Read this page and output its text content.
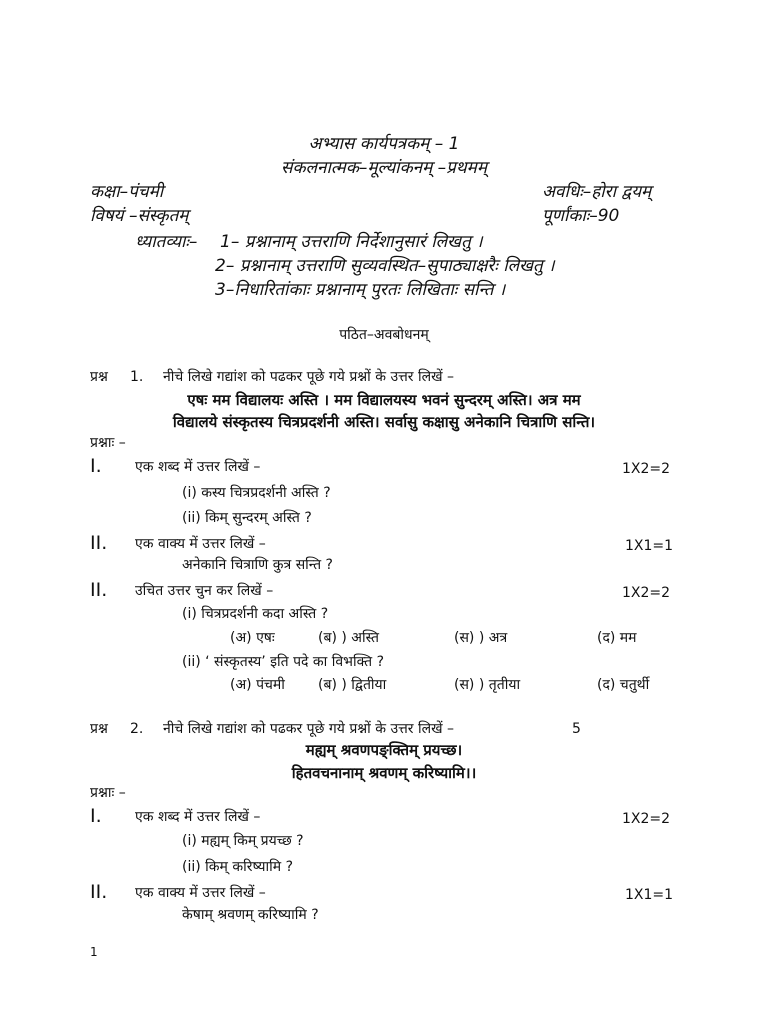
अभ्यास कार्यपत्रकम् – 1
संकलनात्मक–मूल्यांकनम् –प्रथमम्
कक्षा–पंचमी	अवधिः–होरा द्वयम्
विषयं –संस्कृतम्	पूर्णांकाः–90
ध्यातव्याः– 1– प्रश्नानाम् उत्तराणि निर्देशानुसारं लिखतु ।
2– प्रश्नानाम् उत्तराणि सुव्यवस्थित–सुपाठ्याक्षरैः लिखतु ।
3–निधारितांकाः प्रश्नानाम् पुरतः लिखिताः सन्ति ।
पठित–अवबोधनम्
प्रश्न 1. नीचे लिखे गद्यांश को पढकर पूछे गये प्रश्नों के उत्तर लिखें –
एषः मम विद्यालयः अस्ति । मम विद्यालयस्य भवनं सुन्दरम् अस्ति। अत्र मम
विद्यालये संस्कृतस्य चित्रप्रदर्शनी अस्ति। सर्वासु कक्षासु अनेकानि चित्राणि सन्ति।
प्रश्नाः –
I. एक शब्द में उत्तर लिखें –	1X2=2
(i) कस्य चित्रप्रदर्शनी अस्ति ?
(ii) किम् सुन्दरम् अस्ति ?
II. एक वाक्य में उत्तर लिखें –	1X1=1
अनेकानि चित्राणि कुत्र सन्ति ?
II. उचित उत्तर चुन कर लिखें –	1X2=2
(i) चित्रप्रदर्शनी कदा अस्ति ?
(अ) एषः	(ब) ) अस्ति	(स) ) अत्र	(द) मम
(ii) ‘ संस्कृतस्य’ इति पदे का विभक्ति ?
(अ) पंचमी (ब) ) द्वितीया	(स) ) तृतीया	(द) चतुर्थी
प्रश्न 2. नीचे लिखे गद्यांश को पढकर पूछे गये प्रश्नों के उत्तर लिखें –	5
मह्यम् श्रवणपङ्क्तिम् प्रयच्छ।
हितवचनानाम् श्रवणम् करिष्यामि।।
प्रश्नाः –
I. एक शब्द में उत्तर लिखें –	1X2=2
(i) मह्यम् किम् प्रयच्छ ?
(ii) किम् करिष्यामि ?
II. एक वाक्य में उत्तर लिखें –	1X1=1
केषाम् श्रवणम् करिष्यामि ?
1
